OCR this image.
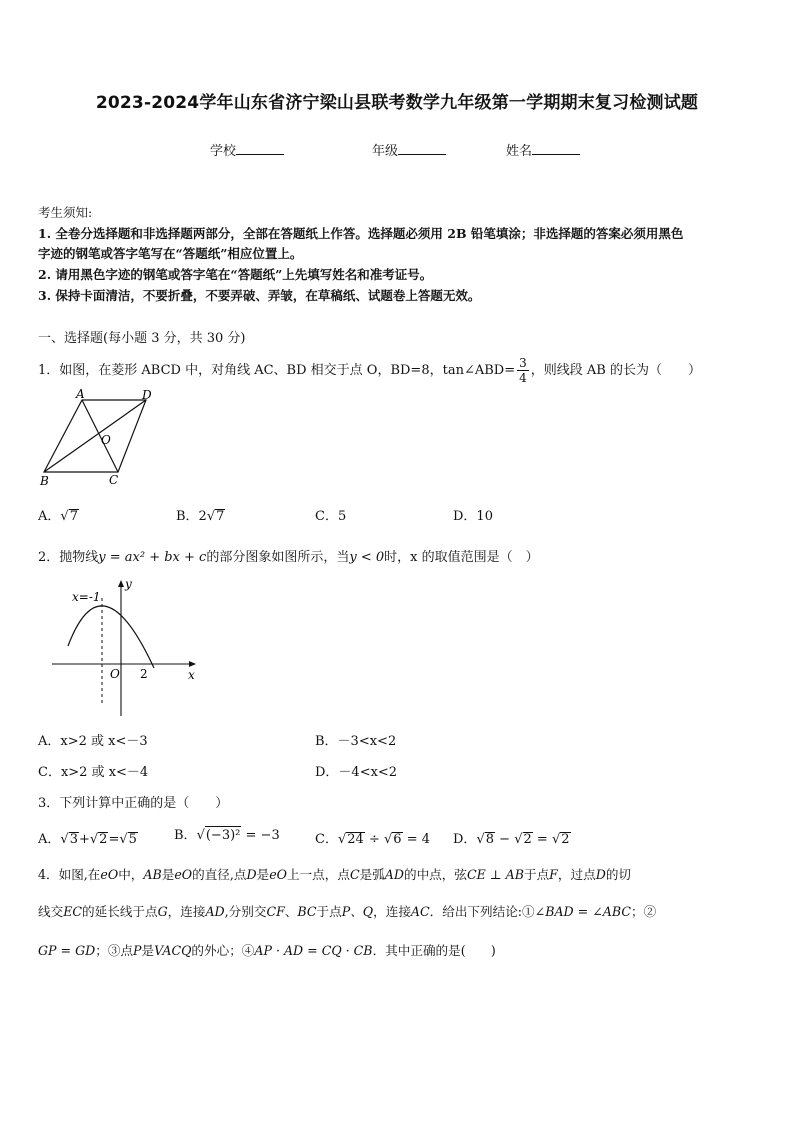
2023-2024学年山东省济宁梁山县联考数学九年级第一学期期末复习检测试题
学校	年级	姓名
考生须知:
1. 全卷分选择题和非选择题两部分，全部在答题纸上作答。选择题必须用 2B 铅笔填涂；非选择题的答案必须用黑色
字迹的钢笔或答字笔写在“答题纸”相应位置上。
2. 请用黑色字迹的钢笔或答字笔在“答题纸”上先填写姓名和准考证号。
3. 保持卡面清洁，不要折叠，不要弄破、弄皱，在草稿纸、试题卷上答题无效。
一、选择题(每小题 3 分，共 30 分)
1．如图，在菱形 ABCD 中，对角线 AC、BD 相交于点 O，BD=8，tan∠ABD= $\frac{3}{4}$ ，则线段 AB 的长为（　　）
A	D
O
B	C
A．√7	B．2√7	C．5	D．10
2．抛物线y = ax² + bx + c的部分图象如图所示，当y < 0时，x 的取值范围是（　）
y
x
O 2
x=-1
A．x>2 或 x<－3	B．－3<x<2
C．x>2 或 x<－4	D．－4<x<2
3．下列计算中正确的是（　　）
A．√3+√2=√5	B．√(−3)² = −3	C．√24 ÷ √6 = 4 D．√8 − √2 = √2
4．如图,在eO中，AB是eO的直径,点D是eO上一点，点C是弧AD的中点，弦CE ⊥ AB于点F，过点D的切
线交EC的延长线于点G，连接AD,分别交CF、BC于点P、Q，连接AC．给出下列结论:①∠BAD = ∠ABC；②
GP = GD；③点P是VACQ的外心；④AP · AD = CQ · CB．其中正确的是(　　)
